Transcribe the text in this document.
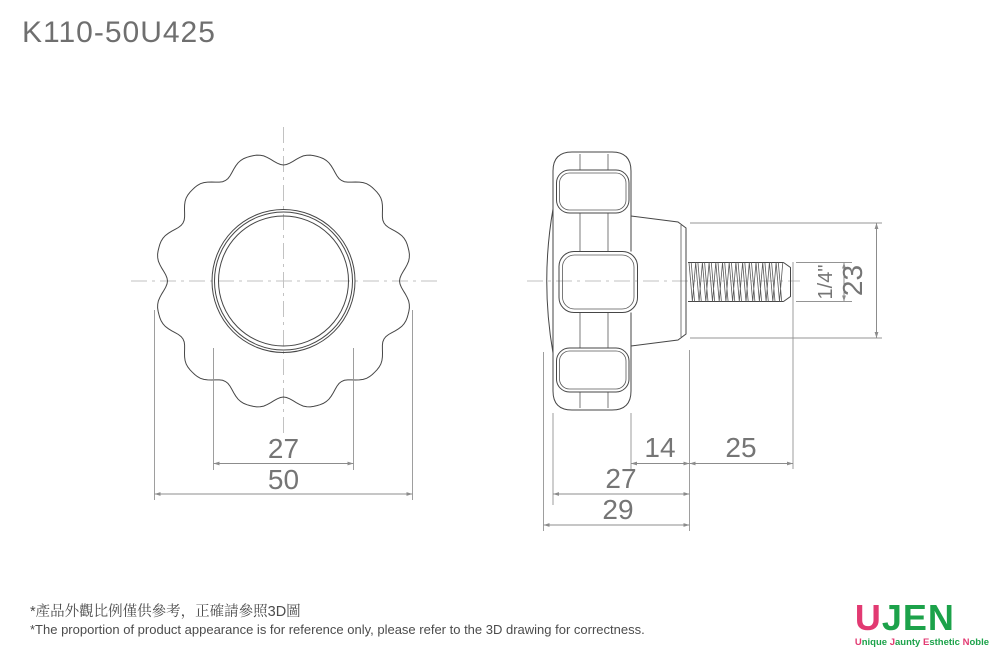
K110-50U425
27
50
14 25
27
29
1/4" 23
*產品外觀比例僅供參考，正確請參照3D圖
*The proportion of product appearance is for reference only, please refer to the 3D drawing for correctness.	UJEN
Unique Jaunty Esthetic Noble
